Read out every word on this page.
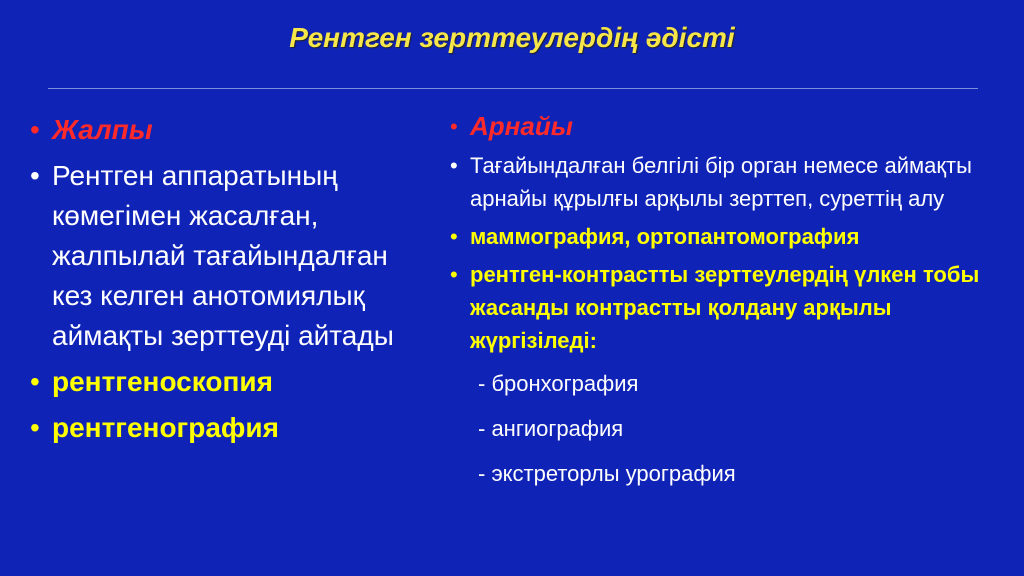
Рентген зерттеулердің әдісті
• Жалпы
• Рентген аппаратының көмегімен жасалған, жалпылай тағайындалған кез келген анотомиялық аймақты зерттеуді айтады
• рентгеноскопия
• рентгенография
• Арнайы
• Тағайындалған белгілі бір орган немесе аймақты арнайы құрылғы арқылы зерттеп, суреттің алу
• маммография, ортопантомография
• рентген-контрастты зерттеулердің үлкен тобы жасанды контрастты қолдану арқылы жүргізіледі:
- бронхография
- ангиография
- экстреторлы урография
